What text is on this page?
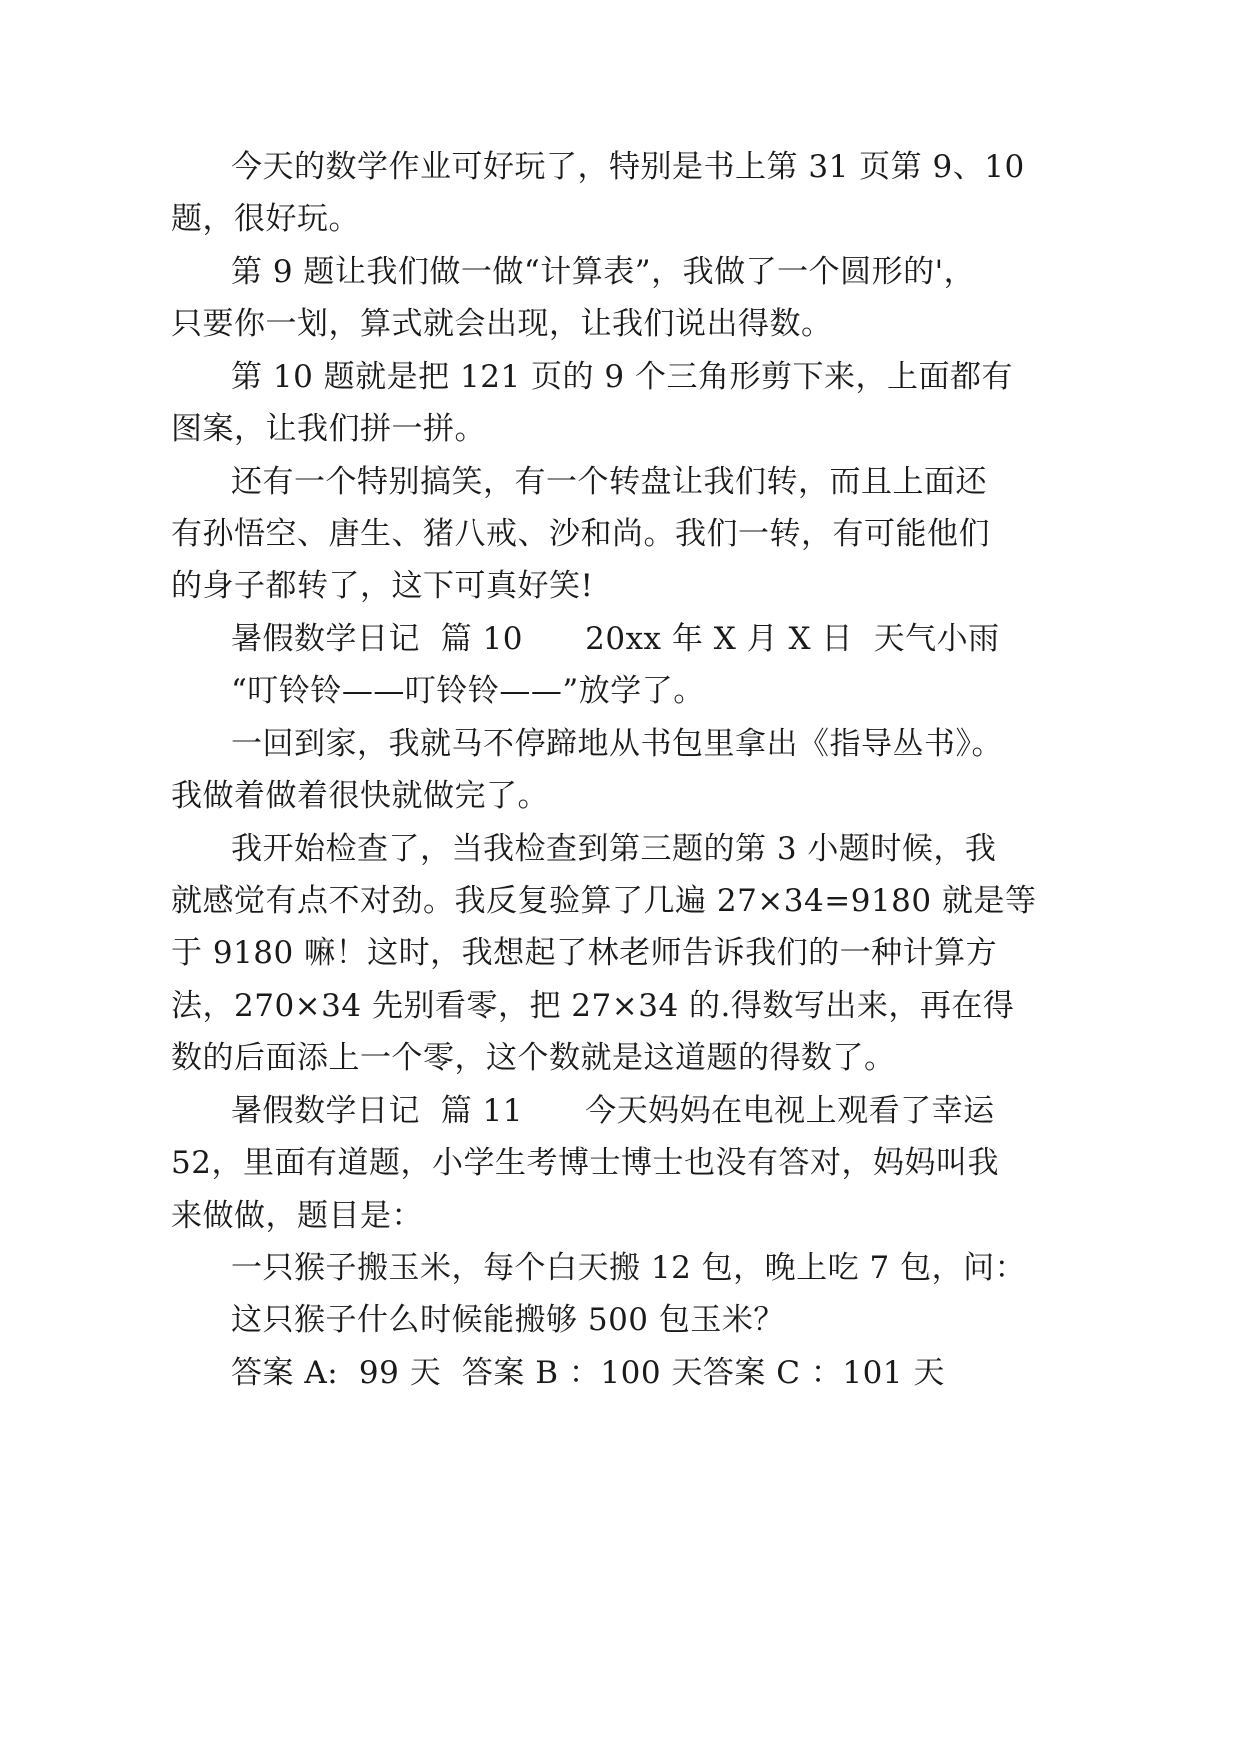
今天的数学作业可好玩了，特别是书上第 31 页第 9、10
题，很好玩。
第 9 题让我们做一做“计算表”，我做了一个圆形的'，
只要你一划，算式就会出现，让我们说出得数。
第 10 题就是把 121 页的 9 个三角形剪下来，上面都有
图案，让我们拼一拼。
还有一个特别搞笑，有一个转盘让我们转，而且上面还
有孙悟空、唐生、猪八戒、沙和尚。我们一转，有可能他们
的身子都转了，这下可真好笑!
暑假数学日记  篇 10      20xx 年 X 月 X 日  天气小雨
“叮铃铃——叮铃铃——”放学了。
一回到家，我就马不停蹄地从书包里拿出《指导丛书》。
我做着做着很快就做完了。
我开始检查了，当我检查到第三题的第 3 小题时候，我
就感觉有点不对劲。我反复验算了几遍 27×34=9180 就是等
于 9180 嘛！这时，我想起了林老师告诉我们的一种计算方
法，270×34 先别看零，把 27×34 的.得数写出来，再在得
数的后面添上一个零，这个数就是这道题的得数了。
暑假数学日记  篇 11      今天妈妈在电视上观看了幸运
52，里面有道题，小学生考博士博士也没有答对，妈妈叫我
来做做，题目是：
一只猴子搬玉米，每个白天搬 12 包，晚上吃 7 包，问：
这只猴子什么时候能搬够 500 包玉米？
答案 A:  99 天  答案 B ：100 天答案 C ：101 天
